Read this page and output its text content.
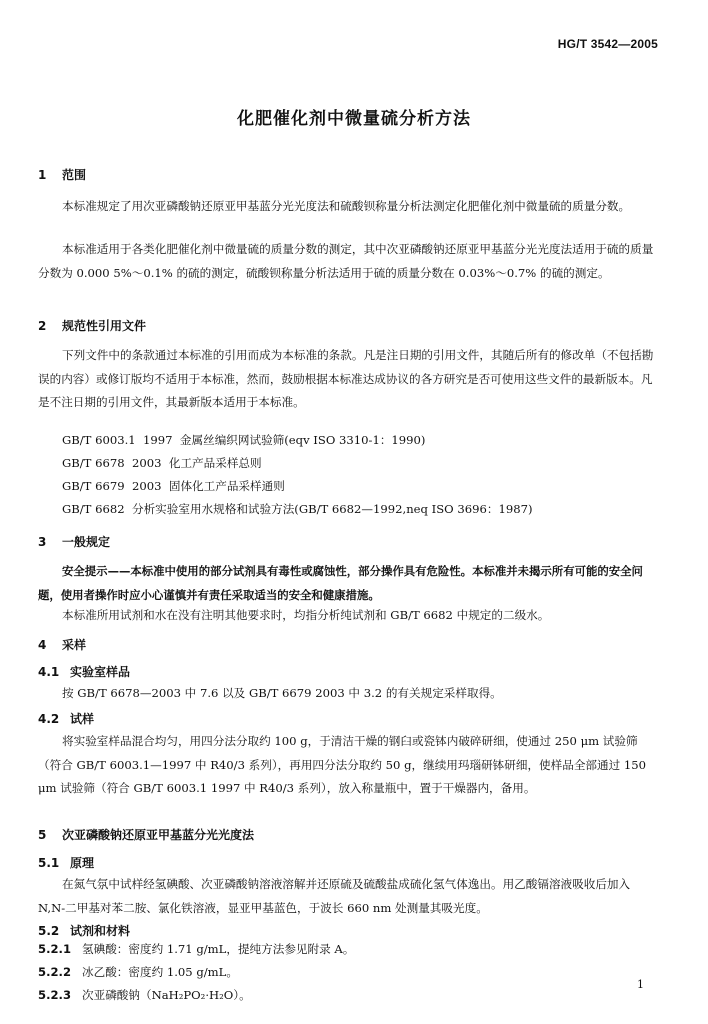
HG/T 3542—2005
化肥催化剂中微量硫分析方法
1 范围
本标准规定了用次亚磷酸钠还原亚甲基蓝分光光度法和硫酸钡称量分析法测定化肥催化剂中微量硫的质量分数。
本标准适用于各类化肥催化剂中微量硫的质量分数的测定，其中次亚磷酸钠还原亚甲基蓝分光光度法适用于硫的质量分数为 0.000 5%～0.1% 的硫的测定，硫酸钡称量分析法适用于硫的质量分数在 0.03%～0.7% 的硫的测定。
2 规范性引用文件
下列文件中的条款通过本标准的引用而成为本标准的条款。凡是注日期的引用文件，其随后所有的修改单（不包括勘误的内容）或修订版均不适用于本标准，然而，鼓励根据本标准达成协议的各方研究是否可使用这些文件的最新版本。凡是不注日期的引用文件，其最新版本适用于本标准。
GB/T 6003.1  1997  金属丝编织网试验筛(eqv ISO 3310-1：1990)
GB/T 6678  2003  化工产品采样总则
GB/T 6679  2003  固体化工产品采样通则
GB/T 6682  分析实验室用水规格和试验方法(GB/T 6682—1992,neq ISO 3696：1987)
3 一般规定
安全提示——本标准中使用的部分试剂具有毒性或腐蚀性，部分操作具有危险性。本标准并未揭示所有可能的安全问题，使用者操作时应小心谨慎并有责任采取适当的安全和健康措施。
本标准所用试剂和水在没有注明其他要求时，均指分析纯试剂和 GB/T 6682 中规定的二级水。
4 采样
4.1 实验室样品
按 GB/T 6678—2003 中 7.6 以及 GB/T 6679 2003 中 3.2 的有关规定采样取得。
4.2 试样
将实验室样品混合均匀，用四分法分取约 100 g，于清洁干燥的钢臼或瓷钵内破碎研细，使通过 250 μm 试验筛（符合 GB/T 6003.1—1997 中 R40/3 系列），再用四分法分取约 50 g，继续用玛瑙研钵研细，使样品全部通过 150 μm 试验筛（符合 GB/T 6003.1 1997 中 R40/3 系列），放入称量瓶中，置于干燥器内，备用。
5 次亚磷酸钠还原亚甲基蓝分光光度法
5.1 原理
在氮气氛中试样经氢碘酸、次亚磷酸钠溶液溶解并还原硫及硫酸盐成硫化氢气体逸出。用乙酸镉溶液吸收后加入 N,N-二甲基对苯二胺、氯化铁溶液，显亚甲基蓝色，于波长 660 nm 处测量其吸光度。
5.2 试剂和材料
5.2.1 氢碘酸：密度约 1.71 g/mL，提纯方法参见附录 A。
5.2.2 冰乙酸：密度约 1.05 g/mL。
5.2.3 次亚磷酸钠（NaH₂PO₂·H₂O）。
1
